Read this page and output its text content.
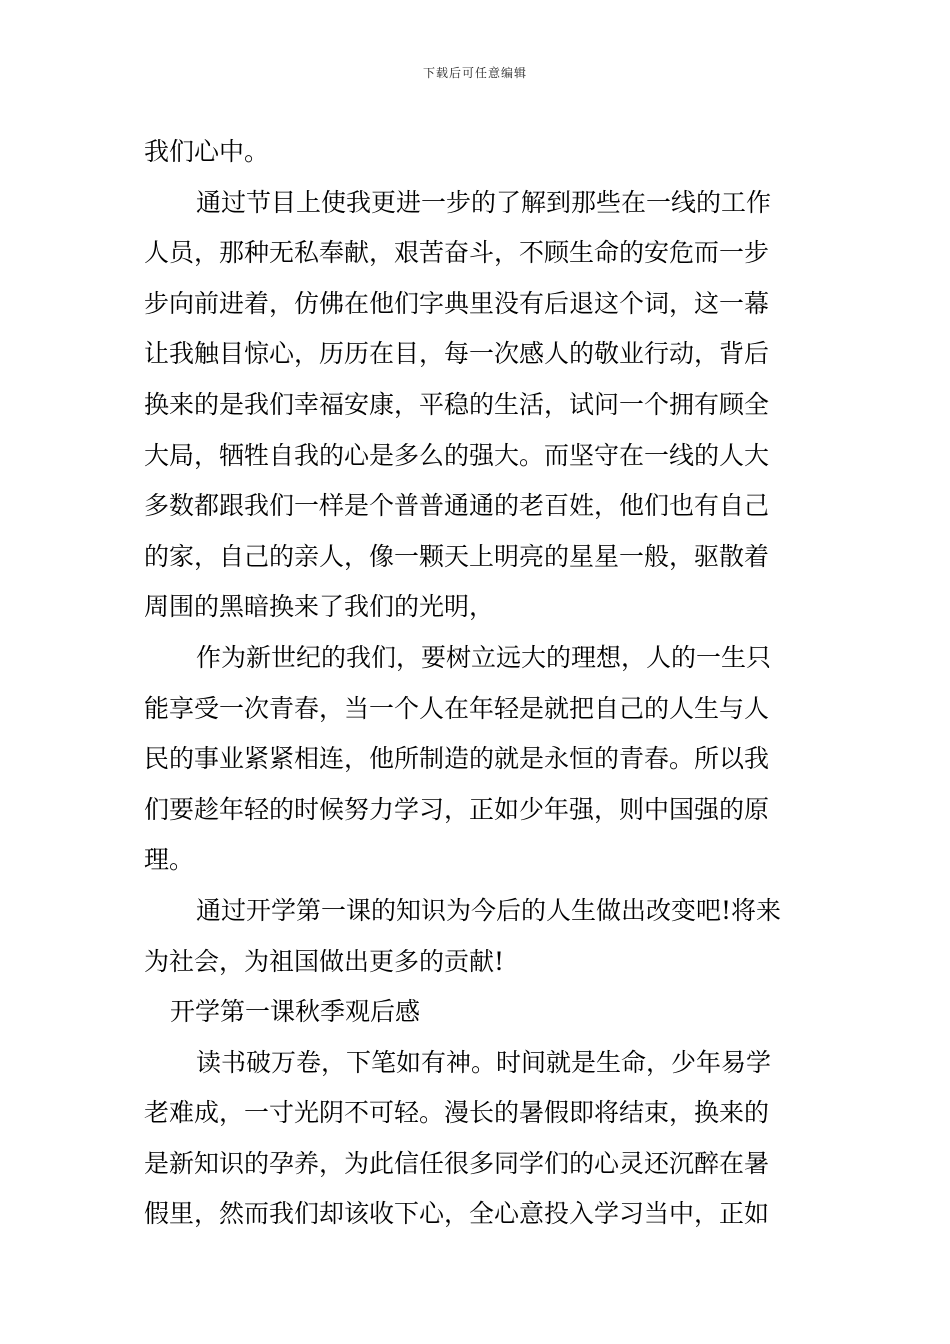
下载后可任意编辑
我们心中。
通过节目上使我更进一步的了解到那些在一线的工作
人员，那种无私奉献，艰苦奋斗，不顾生命的安危而一步
步向前进着，仿佛在他们字典里没有后退这个词，这一幕
让我触目惊心，历历在目，每一次感人的敬业行动，背后
换来的是我们幸福安康，平稳的生活，试问一个拥有顾全
大局，牺牲自我的心是多么的强大。而坚守在一线的人大
多数都跟我们一样是个普普通通的老百姓，他们也有自己
的家，自己的亲人，像一颗天上明亮的星星一般，驱散着
周围的黑暗换来了我们的光明，
作为新世纪的我们，要树立远大的理想，人的一生只
能享受一次青春，当一个人在年轻是就把自己的人生与人
民的事业紧紧相连，他所制造的就是永恒的青春。所以我
们要趁年轻的时候努力学习，正如少年强，则中国强的原
理。
通过开学第一课的知识为今后的人生做出改变吧!将来
为社会，为祖国做出更多的贡献!
开学第一课秋季观后感
读书破万卷，下笔如有神。时间就是生命，少年易学
老难成，一寸光阴不可轻。漫长的暑假即将结束，换来的
是新知识的孕养，为此信任很多同学们的心灵还沉醉在暑
假里，然而我们却该收下心，全心意投入学习当中，正如
